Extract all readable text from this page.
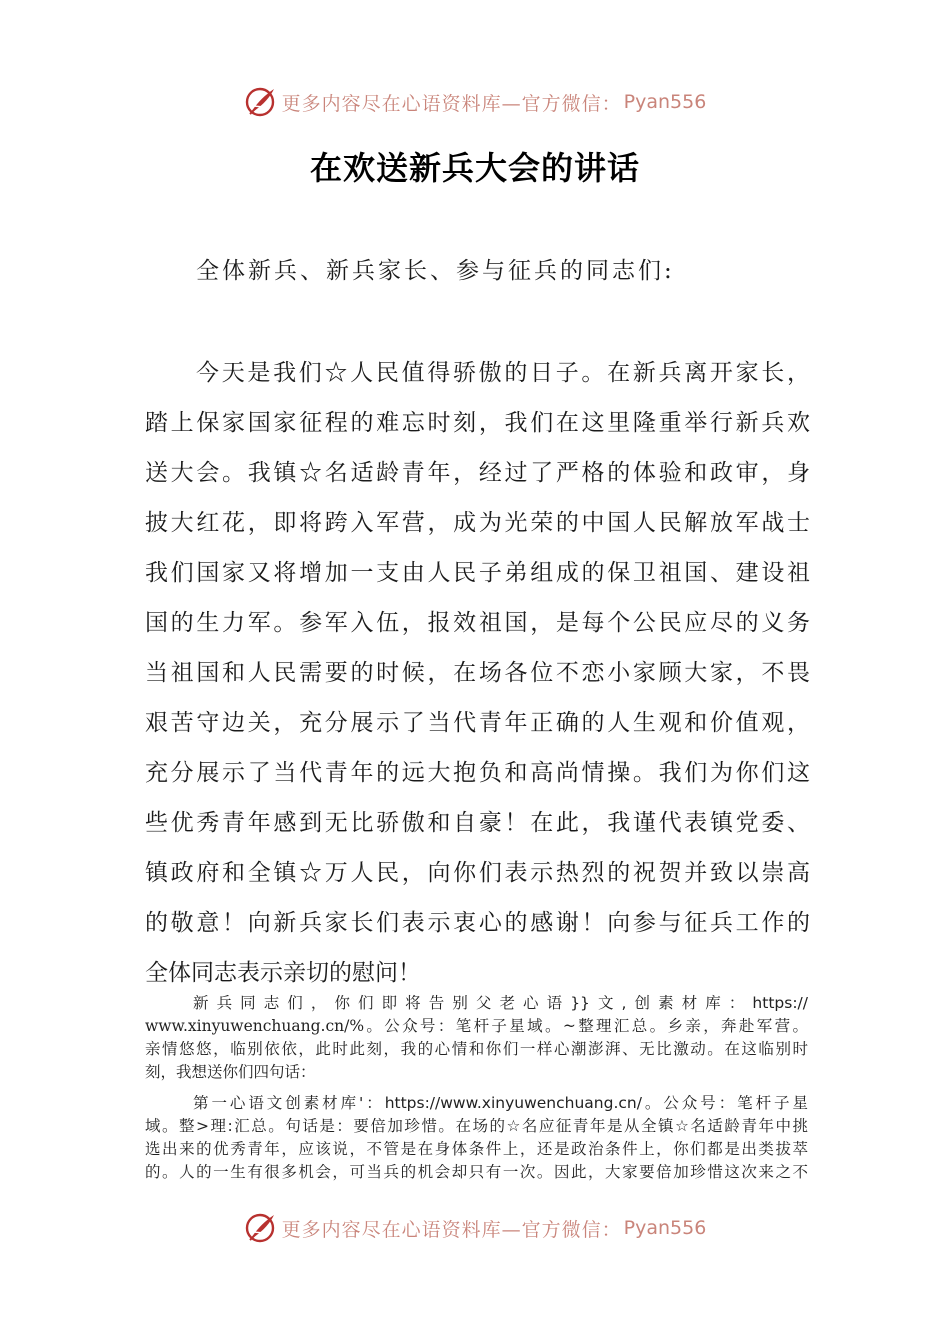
更多内容尽在心语资料库—官方微信： Pyan556
在欢送新兵大会的讲话
全体新兵、新兵家长、参与征兵的同志们:
今天是我们☆人民值得骄傲的日子。在新兵离开家长，
踏上保家国家征程的难忘时刻，我们在这里隆重举行新兵欢
送大会。我镇☆名适龄青年，经过了严格的体验和政审，身
披大红花，即将跨入军营，成为光荣的中国人民解放军战士
我们国家又将增加一支由人民子弟组成的保卫祖国、建设祖
国的生力军。参军入伍，报效祖国，是每个公民应尽的义务
当祖国和人民需要的时候，在场各位不恋小家顾大家，不畏
艰苦守边关，充分展示了当代青年正确的人生观和价值观，
充分展示了当代青年的远大抱负和高尚情操。我们为你们这
些优秀青年感到无比骄傲和自豪！在此，我谨代表镇党委、
镇政府和全镇☆万人民，向你们表示热烈的祝贺并致以崇高
的敬意！向新兵家长们表示衷心的感谢！向参与征兵工作的
全体同志表示亲切的慰问！
新兵同志们，你们即将告别父老心语}}文,创素材库：https://
www.xinyuwenchuang.cn/%。公众号：笔杆子星域。~整理汇总。乡亲，奔赴军营。
亲情悠悠，临别依依，此时此刻，我的心情和你们一样心潮澎湃、无比激动。在这临别时
刻，我想送你们四句话：
第一心语文创素材库'：https://www.xinyuwenchuang.cn/。公众号：笔杆子星
域。整>理:汇总。句话是：要倍加珍惜。在场的☆名应征青年是从全镇☆名适龄青年中挑
选出来的优秀青年，应该说，不管是在身体条件上，还是政治条件上，你们都是出类拔萃
的。人的一生有很多机会，可当兵的机会却只有一次。因此，大家要倍加珍惜这次来之不
更多内容尽在心语资料库—官方微信： Pyan556
